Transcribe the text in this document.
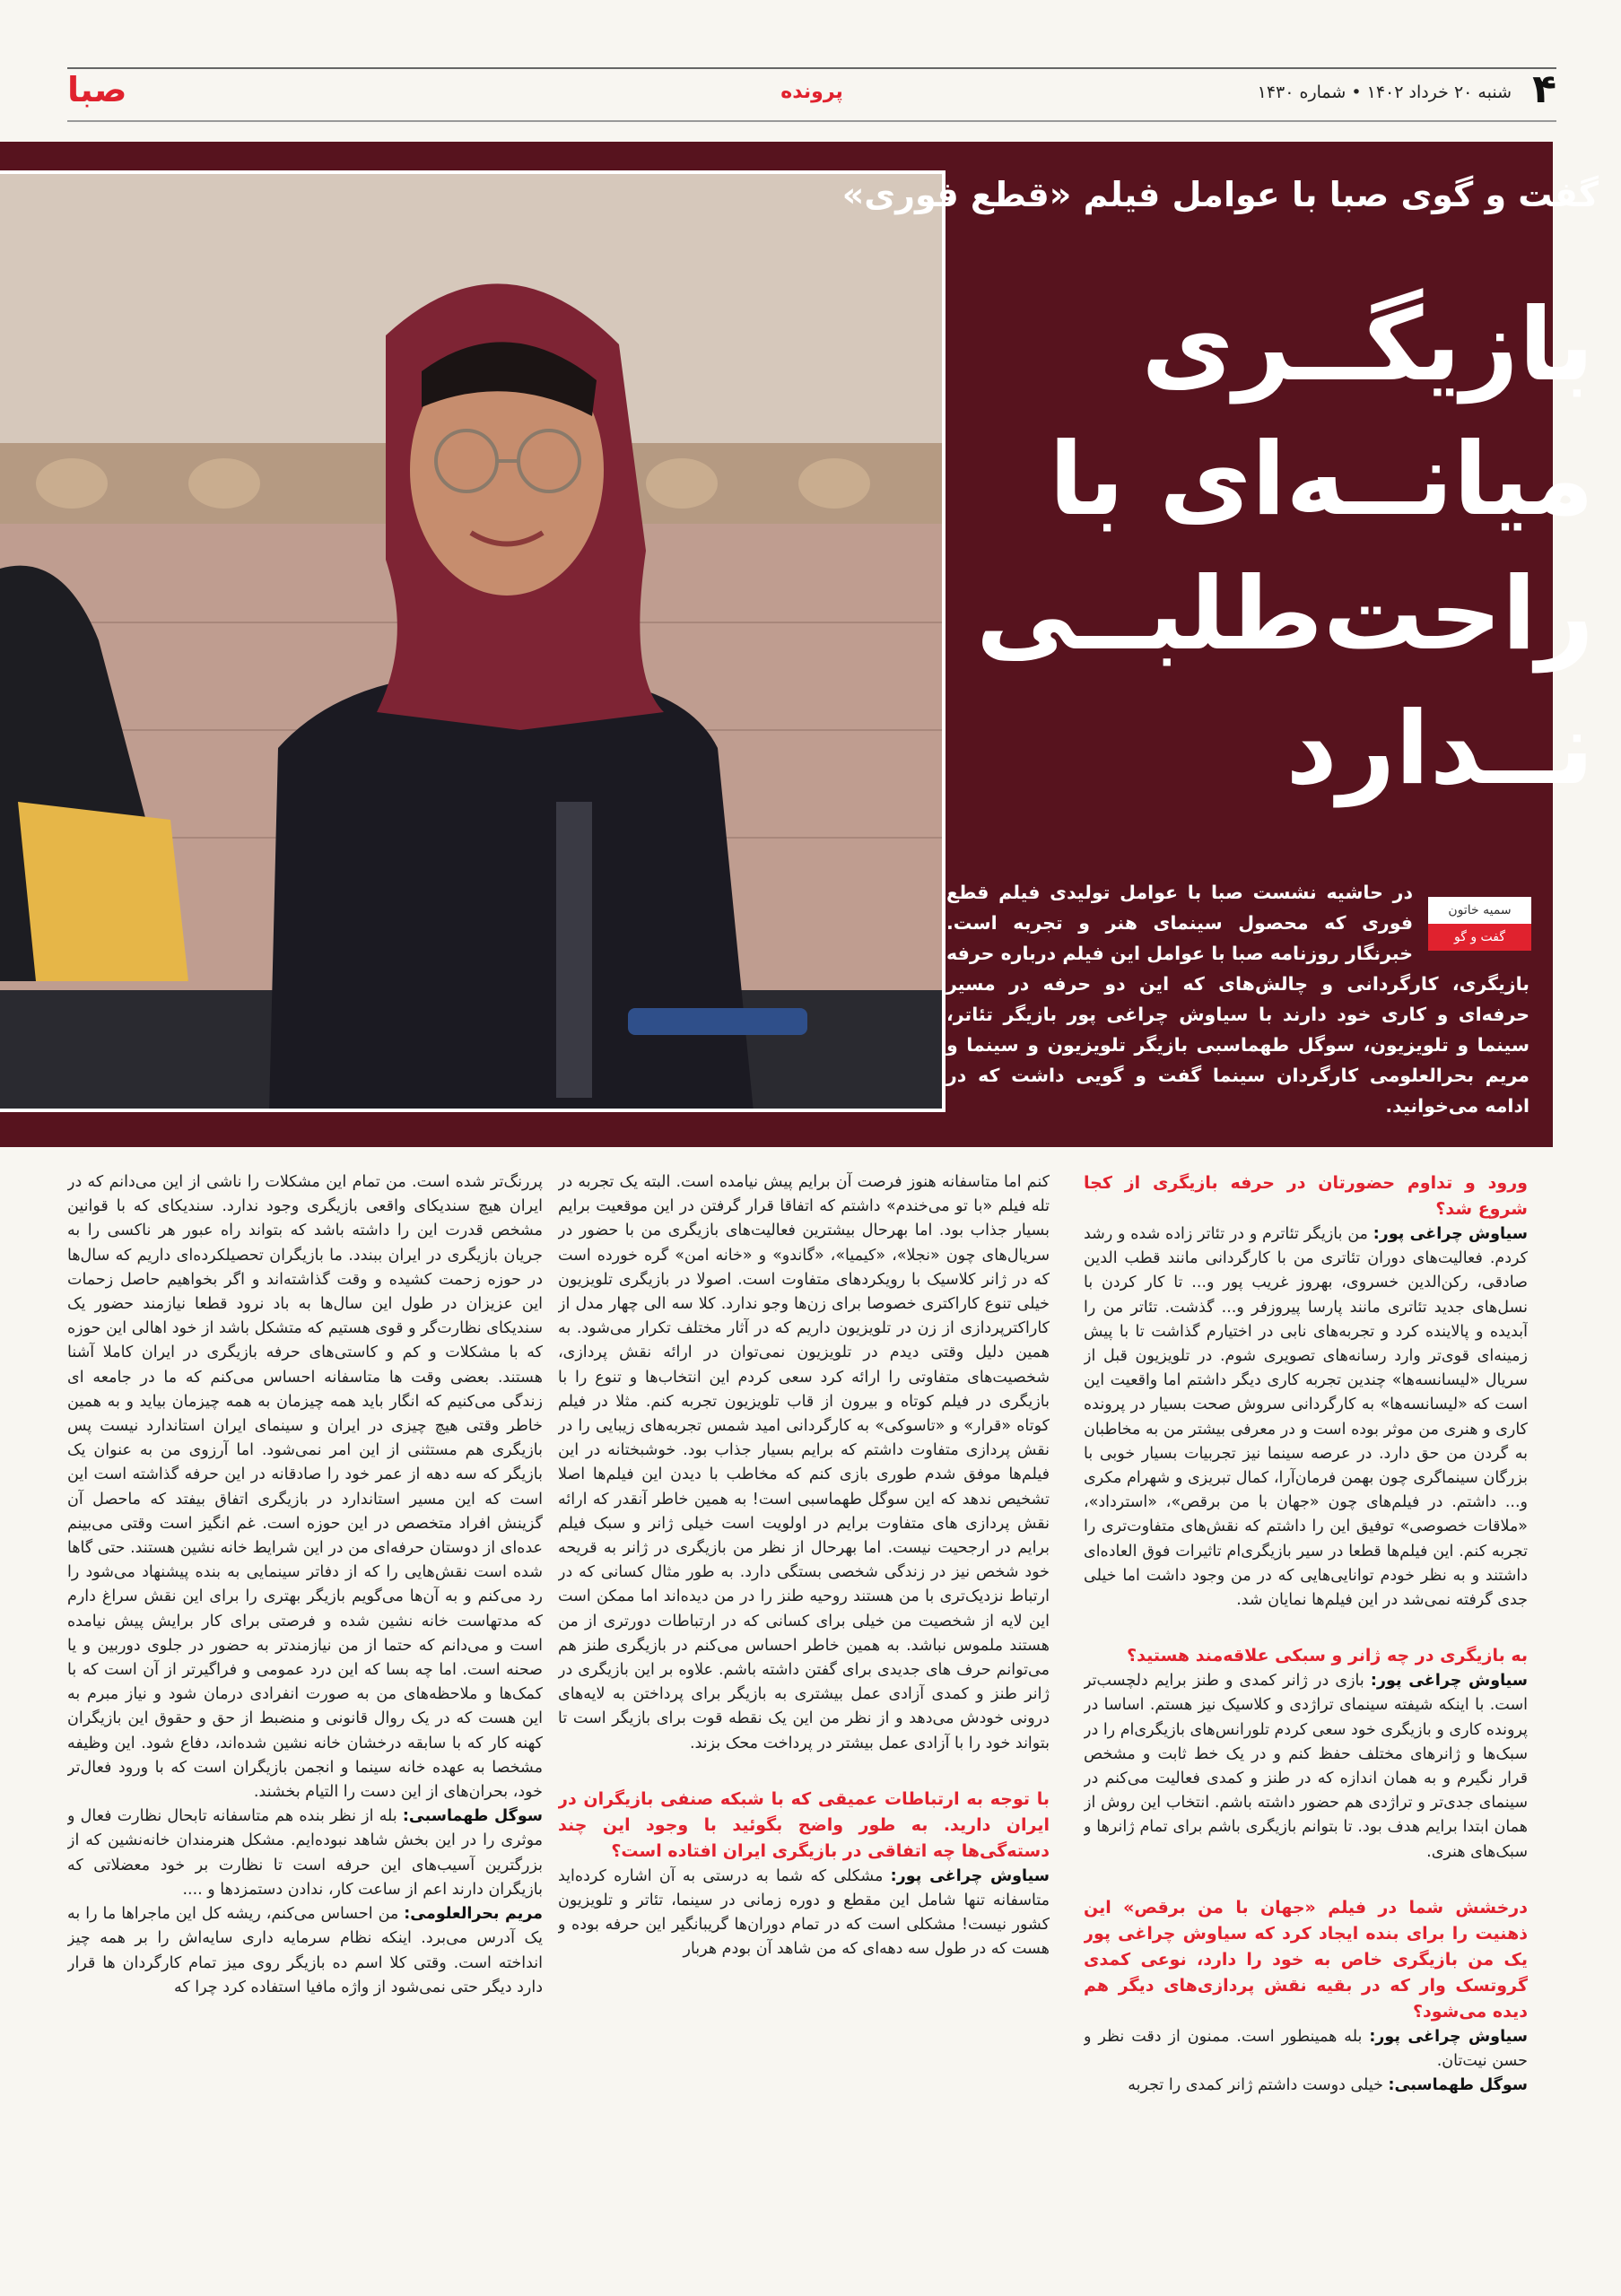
۴
شنبه ۲۰ خرداد ۱۴۰۲ • شماره ۱۴۳۰
پرونده
صبا
گفت و گوی صبا با عوامل فیلم «قطع فوری»
بازیگــری
میانــه‌ای با
راحت‌طلبــی
نــدارد
در حاشیه نشست صبا با عوامل تولیدی فیلم قطع فوری که محصول سینمای هنر و تجربه است. خبرنگار روزنامه صبا با عوامل این فیلم درباره حرفه بازیگری، کارگردانی و چالش‌های که این دو حرفه در مسیر حرفه‌ای و کاری خود دارند با سیاوش چراغی پور بازیگر تئاتر، سینما و تلویزیون، سوگل طهماسبی بازیگر تلویزیون و سینما و مریم بحرالعلومی کارگردان سینما گفت و گویی داشت که در ادامه می‌خوانید.
سمیه خاتون
گفت و گو

ورود و تداوم حضورتان در حرفه بازیگری از کجا شروع شد؟

سیاوش چراغی پور: من بازیگر تئاترم و در تئاتر زاده شده و رشد کردم. فعالیت‌های دوران تئاتری من با کارگردانی مانند قطب الدین صادقی، رکن‌الدین خسروی، بهروز غریب پور و... تا کار کردن با نسل‌های جدید تئاتری مانند پارسا پیروزفر و... گذشت. تئاتر من را آبدیده و پالاینده کرد و تجربه‌های نابی در اختیارم گذاشت تا با پیش زمینه‌ای قوی‌تر وارد رسانه‌های تصویری شوم. در تلویزیون قبل از سریال «لیسانسه‌ها» چندین تجربه کاری دیگر داشتم اما واقعیت این است که «لیسانسه‌ها» به کارگردانی سروش صحت بسیار در پرونده کاری و هنری من موثر بوده است و در معرفی بیشتر من به مخاطبان به گردن من حق دارد. در عرصه سینما نیز تجربیات بسیار خوبی با بزرگان سینماگری چون بهمن فرمان‌آرا، کمال تبریزی و شهرام مکری و... داشتم. در فیلم‌های چون «جهان با من برقص»، «استرداد»، «ملاقات خصوصی» توفیق این را داشتم که نقش‌های متفاوت‌تری را تجربه کنم. این فیلم‌ها قطعا در سیر بازیگری‌ام تاثیرات فوق العاده‌ای داشتند و به نظر خودم توانایی‌هایی که در من وجود داشت اما خیلی جدی گرفته نمی‌شد در این فیلم‌ها نمایان شد.

به بازیگری در چه ژانر و سبکی علاقه‌مند هستید؟

سیاوش چراغی پور: بازی در ژانر کمدی و طنز برایم دلچسب‌تر است. با اینکه شیفته سینمای تراژدی و کلاسیک نیز هستم. اساسا در پرونده کاری و بازیگری خود سعی کردم تلورانس‌های بازیگری‌ام را در سبک‌ها و ژانرهای مختلف حفظ کنم و در یک خط ثابت و مشخص قرار نگیرم و به همان اندازه که در طنز و کمدی فعالیت می‌کنم در سینمای جدی‌تر و تراژدی هم حضور داشته باشم. انتخاب این روش از همان ابتدا برایم هدف بود. تا بتوانم بازیگری باشم برای تمام ژانرها و سبک‌های هنری.

درخشش شما در فیلم «جهان با من برقص» این ذهنیت را برای بنده ایجاد کرد که سیاوش چراغی پور یک من بازیگری خاص به خود را دارد، نوعی کمدی گروتسک وار که در بقیه نقش پردازی‌های دیگر هم دیده می‌شود؟

سیاوش چراغی پور: بله همینطور است. ممنون از دقت نظر و حسن نیت‌تان.

سوگل طهماسبی: خیلی دوست داشتم ژانر کمدی را تجربه

کنم اما متاسفانه هنوز فرصت آن برایم پیش نیامده است. البته یک تجربه در تله فیلم «با تو می‌خندم» داشتم که اتفاقا قرار گرفتن در این موقعیت برایم بسیار جذاب بود. اما بهرحال بیشترین فعالیت‌های بازیگری من با حضور در سریال‌های چون «نجلا»، «کیمیا»، «گاندو» و «خانه امن» گره خورده است که در ژانر کلاسیک با رویکردهای متفاوت است. اصولا در بازیگری تلویزیون خیلی تنوع کاراکتری خصوصا برای زن‌ها وجو ندارد. کلا سه الی چهار مدل از کاراکترپردازی از زن در تلویزیون داریم که در آثار مختلف تکرار می‌شود. به همین دلیل وقتی دیدم در تلویزیون نمی‌توان در ارائه نقش پردازی، شخصیت‌های متفاوتی را ارائه کرد سعی کردم این انتخاب‌ها و تنوع را با بازیگری در فیلم کوتاه و بیرون از قاب تلویزیون تجربه کنم. مثلا در فیلم کوتاه «قرار» و «تاسوکی» به کارگردانی امید شمس تجربه‌های زیبایی را در نقش پردازی متفاوت داشتم که برایم بسیار جذاب بود. خوشبختانه در این فیلم‌ها موفق شدم طوری بازی کنم که مخاطب با دیدن این فیلم‌ها اصلا تشخیص ندهد که این سوگل طهماسبی است! به همین خاطر آنقدر که ارائه نقش پردازی های متفاوت برایم در اولویت است خیلی ژانر و سبک فیلم برایم در ارجحیت نیست. اما بهرحال از نظر من بازیگری در ژانر به قریحه خود شخص نیز در زندگی شخصی بستگی دارد. به طور مثال کسانی که در ارتباط نزدیک‌تری با من هستند روحیه طنز را در من دیده‌اند اما ممکن است این لایه از شخصیت من خیلی برای کسانی که در ارتباطات دورتری از من هستند ملموس نباشد. به همین خاطر احساس می‌کنم در بازیگری طنز هم می‌توانم حرف های جدیدی برای گفتن داشته باشم. علاوه بر این بازیگری در ژانر طنز و کمدی آزادی عمل بیشتری به بازیگر برای پرداختن به لایه‌های درونی خودش می‌دهد و از نظر من این یک نقطه قوت برای بازیگر است تا بتواند خود را با آزادی عمل بیشتر در پرداخت محک بزند.

با توجه به ارتباطات عمیقی که با شبکه صنفی بازیگران در ایران دارید. به طور واضح بگوئید با وجود این چند دسته‌گی‌ها چه اتفاقی در بازیگری ایران افتاده است؟

سیاوش چراغی پور: مشکلی که شما به درستی به آن اشاره کرده‌اید متاسفانه تنها شامل این مقطع و دوره زمانی در سینما، تئاتر و تلویزیون کشور نیست! مشکلی است که در تمام دوران‌ها گریبانگیر این حرفه بوده و هست که در طول سه دهه‌ای که من شاهد آن بودم هربار

پررنگ‌تر شده است. من تمام این مشکلات را ناشی از این می‌دانم که در ایران هیچ سندیکای واقعی بازیگری وجود ندارد. سندیکای که با قوانین مشخص قدرت این را داشته باشد که بتواند راه عبور هر ناکسی را به جریان بازیگری در ایران ببندد. ما بازیگران تحصیلکرده‌ای داریم که سال‌ها در حوزه زحمت کشیده و وقت گذاشته‌اند و اگر بخواهیم حاصل زحمات این عزیزان در طول این سال‌ها به باد نرود قطعا نیازمند حضور یک سندیکای نظارت‌گر و قوی هستیم که متشکل باشد از خود اهالی این حوزه که با مشکلات و کم و کاستی‌های حرفه بازیگری در ایران کاملا آشنا هستند. بعضی وقت ها متاسفانه احساس می‌کنم که ما در جامعه ای زندگی می‌کنیم که انگار باید همه چیزمان به همه چیزمان بیاید و به همین خاطر وقتی هیچ چیزی در ایران و سینمای ایران استاندارد نیست پس بازیگری هم مستثنی از این امر نمی‌شود. اما آرزوی من به عنوان یک بازیگر که سه دهه از عمر خود را صادقانه در این حرفه گذاشته است این است که این مسیر استاندارد در بازیگری اتفاق بیفتد که ماحصل آن گزینش افراد متخصص در این حوزه است. غم انگیز است وقتی می‌بینم عده‌ای از دوستان حرفه‌ای من در این شرایط خانه نشین هستند. حتی گاها شده است نقش‌هایی را که از دفاتر سینمایی به بنده پیشنهاد می‌شود را رد می‌کنم و به آن‌ها می‌گویم بازیگر بهتری را برای این نقش سراغ دارم که مدتهاست خانه نشین شده و فرصتی برای کار برایش پیش نیامده است و می‌دانم که حتما از من نیازمندتر به حضور در جلوی دوربین و یا صحنه است. اما چه بسا که این درد عمومی و فراگیرتر از آن است که با کمک‌ها و ملاحظه‌های من به صورت انفرادی درمان شود و نیاز مبرم به این هست که در یک روال قانونی و منضبط از حق و حقوق این بازیگران کهنه کار که با سابقه درخشان خانه نشین شده‌اند، دفاع شود. این وظیفه مشخصا به عهده خانه سینما و انجمن بازیگران است که با ورود فعال‌تر خود، بحران‌های از این دست را التیام بخشند.

سوگل طهماسبی: بله از نظر بنده هم متاسفانه تابحال نظارت فعال و موثری را در این بخش شاهد نبوده‌ایم. مشکل هنرمندان خانه‌نشین که از بزرگترین آسیب‌های این حرفه است تا نظارت بر خود معضلاتی که بازیگران دارند اعم از ساعت کار، ندادن دستمزدها و ....

مریم بحرالعلومی: من احساس می‌کنم، ریشه کل این ماجراها ما را به یک آدرس می‌برد. اینکه نظام سرمایه داری سایه‌اش را بر همه چیز انداخته است. وقتی کلا اسم ده بازیگر روی میز تمام کارگردان ها قرار دارد دیگر حتی نمی‌شود از واژه مافیا استفاده کرد چرا که
